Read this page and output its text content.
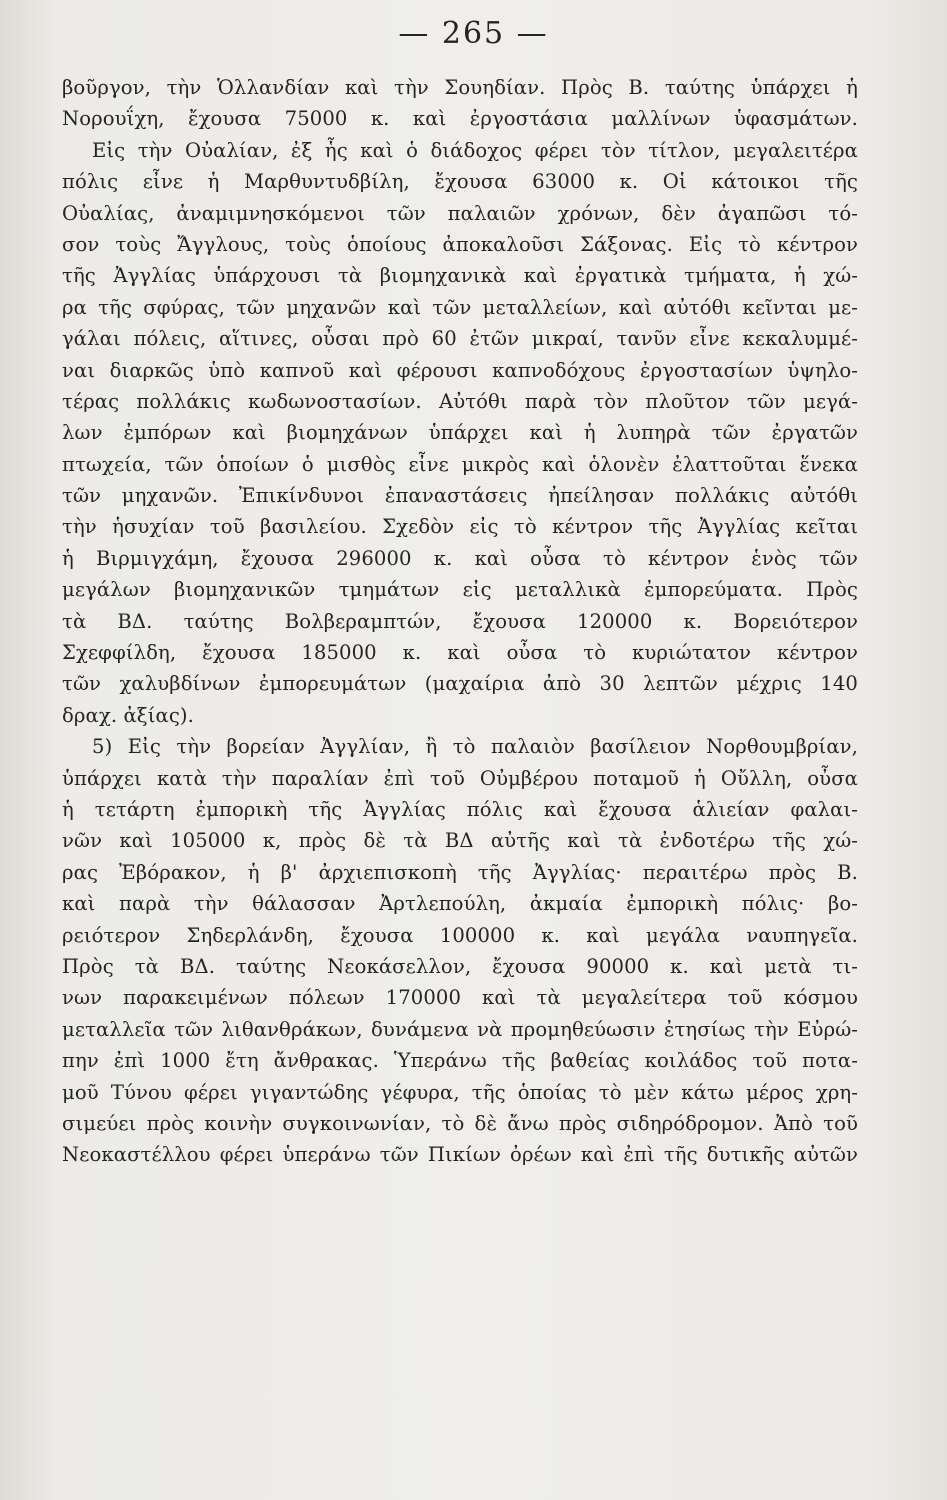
— 265 —
βοῦργον, τὴν Ὁλλανδίαν καὶ τὴν Σουηδίαν. Πρὸς Β. ταύτης ὑπάρχει ἡ
Νορουΐχη, ἔχουσα 75000 κ. καὶ ἐργοστάσια μαλλίνων ὑφασμάτων.
Εἰς τὴν Οὐαλίαν, ἐξ ἧς καὶ ὁ διάδοχος φέρει τὸν τίτλον, μεγαλειτέρα
πόλις εἶνε ἡ Μαρθυντυδβίλη, ἔχουσα 63000 κ. Οἱ κάτοικοι τῆς
Οὐαλίας, ἀναμιμνησκόμενοι τῶν παλαιῶν χρόνων, δὲν ἀγαπῶσι τό-
σον τοὺς Ἄγγλους, τοὺς ὁποίους ἀποκαλοῦσι Σάξονας. Εἰς τὸ κέντρον
τῆς Ἀγγλίας ὑπάρχουσι τὰ βιομηχανικὰ καὶ ἐργατικὰ τμήματα, ἡ χώ-
ρα τῆς σφύρας, τῶν μηχανῶν καὶ τῶν μεταλλείων, καὶ αὐτόθι κεῖνται με-
γάλαι πόλεις, αἵτινες, οὖσαι πρὸ 60 ἐτῶν μικραί, τανῦν εἶνε κεκαλυμμέ-
ναι διαρκῶς ὑπὸ καπνοῦ καὶ φέρουσι καπνοδόχους ἐργοστασίων ὑψηλο-
τέρας πολλάκις κωδωνοστασίων. Αὐτόθι παρὰ τὸν πλοῦτον τῶν μεγά-
λων ἐμπόρων καὶ βιομηχάνων ὑπάρχει καὶ ἡ λυπηρὰ τῶν ἐργατῶν
πτωχεία, τῶν ὁποίων ὁ μισθὸς εἶνε μικρὸς καὶ ὁλονὲν ἐλαττοῦται ἕνεκα
τῶν μηχανῶν. Ἐπικίνδυνοι ἐπαναστάσεις ἠπείλησαν πολλάκις αὐτόθι
τὴν ἡσυχίαν τοῦ βασιλείου. Σχεδὸν εἰς τὸ κέντρον τῆς Ἀγγλίας κεῖται
ἡ Βιρμιγχάμη, ἔχουσα 296000 κ. καὶ οὖσα τὸ κέντρον ἑνὸς τῶν
μεγάλων βιομηχανικῶν τμημάτων εἰς μεταλλικὰ ἐμπορεύματα. Πρὸς
τὰ ΒΔ. ταύτης Βολβεραμπτών, ἔχουσα 120000 κ. Βορειότερον
Σχεφφίλδη, ἔχουσα 185000 κ. καὶ οὖσα τὸ κυριώτατον κέντρον
τῶν χαλυβδίνων ἐμπορευμάτων (μαχαίρια ἀπὸ 30 λεπτῶν μέχρις 140
δραχ. ἀξίας).
5) Εἰς τὴν βορείαν Ἀγγλίαν, ἢ τὸ παλαιὸν βασίλειον Νορθουμβρίαν,
ὑπάρχει κατὰ τὴν παραλίαν ἐπὶ τοῦ Οὐμβέρου ποταμοῦ ἡ Οὔλλη, οὖσα
ἡ τετάρτη ἐμπορικὴ τῆς Ἀγγλίας πόλις καὶ ἔχουσα ἁλιείαν φαλαι-
νῶν καὶ 105000 κ, πρὸς δὲ τὰ ΒΔ αὐτῆς καὶ τὰ ἐνδοτέρω τῆς χώ-
ρας Ἐβόρακον, ἡ β' ἀρχιεπισκοπὴ τῆς Ἀγγλίας· περαιτέρω πρὸς Β.
καὶ παρὰ τὴν θάλασσαν Ἀρτλεπούλη, ἀκμαία ἐμπορικὴ πόλις· βο-
ρειότερον Σηδερλάνδη, ἔχουσα 100000 κ. καὶ μεγάλα ναυπηγεῖα.
Πρὸς τὰ ΒΔ. ταύτης Νεοκάσελλον, ἔχουσα 90000 κ. καὶ μετὰ τι-
νων παρακειμένων πόλεων 170000 καὶ τὰ μεγαλείτερα τοῦ κόσμου
μεταλλεῖα τῶν λιθανθράκων, δυνάμενα νὰ προμηθεύωσιν ἐτησίως τὴν Εὐρώ-
πην ἐπὶ 1000 ἔτη ἄνθρακας. Ὑπεράνω τῆς βαθείας κοιλάδος τοῦ ποτα-
μοῦ Τύνου φέρει γιγαντώδης γέφυρα, τῆς ὁποίας τὸ μὲν κάτω μέρος χρη-
σιμεύει πρὸς κοινὴν συγκοινωνίαν, τὸ δὲ ἄνω πρὸς σιδηρόδρομον. Ἀπὸ τοῦ
Νεοκαστέλλου φέρει ὑπεράνω τῶν Πικίων ὀρέων καὶ ἐπὶ τῆς δυτικῆς αὐτῶν
